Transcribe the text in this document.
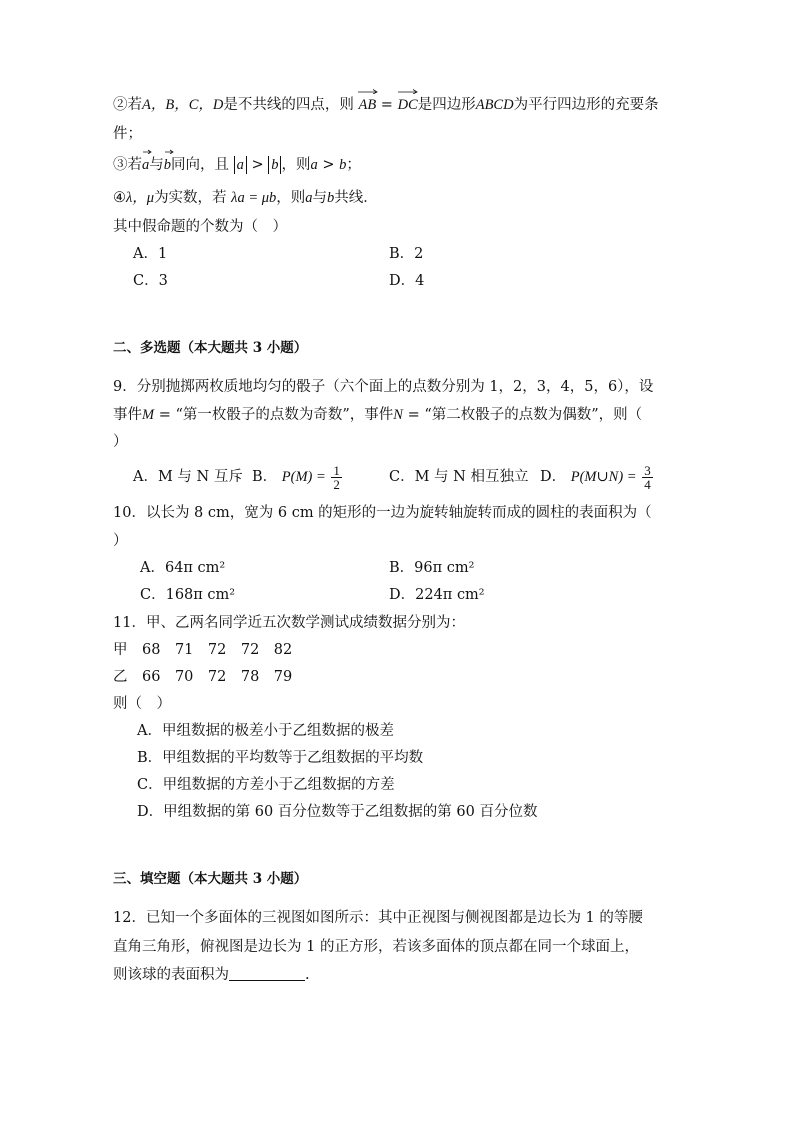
②若A，B，C，D是不共线的四点，则 AB = DC是四边形ABCD为平行四边形的充要条
件；
③若
a与
b同向，且 a > b ，则a > b；
④λ，μ为实数，若 λa = μb，则a与b共线．
其中假命题的个数为（　）
A．1	B．2
C．3	D．4
二、多选题（本大题共 3 小题）
9．分别抛掷两枚质地均匀的骰子（六个面上的点数分别为 1，2，3，4，5，6），设
事件M = “第一枚骰子的点数为奇数”，事件N = “第二枚骰子的点数为偶数”，则（
）
A．M 与 N 互斥 B． $P(M) = \frac{1}{2}$	C．M 与 N 相互独立 D． P(M∪N) = $\frac{3}{4}$
10．以长为 8 cm，宽为 6 cm 的矩形的一边为旋转轴旋转而成的圆柱的表面积为（
）
A．64π cm²	B．96π cm²
C．168π cm²	D．224π cm²
11．甲、乙两名同学近五次数学测试成绩数据分别为：
甲　68　71　72　72　82
乙　66　70　72　78　79
则（　）
A．甲组数据的极差小于乙组数据的极差
B．甲组数据的平均数等于乙组数据的平均数
C．甲组数据的方差小于乙组数据的方差
D．甲组数据的第 60 百分位数等于乙组数据的第 60 百分位数
三、填空题（本大题共 3 小题）
12．已知一个多面体的三视图如图所示：其中正视图与侧视图都是边长为 1 的等腰
直角三角形，俯视图是边长为 1 的正方形，若该多面体的顶点都在同一个球面上，
则该球的表面积为	.
